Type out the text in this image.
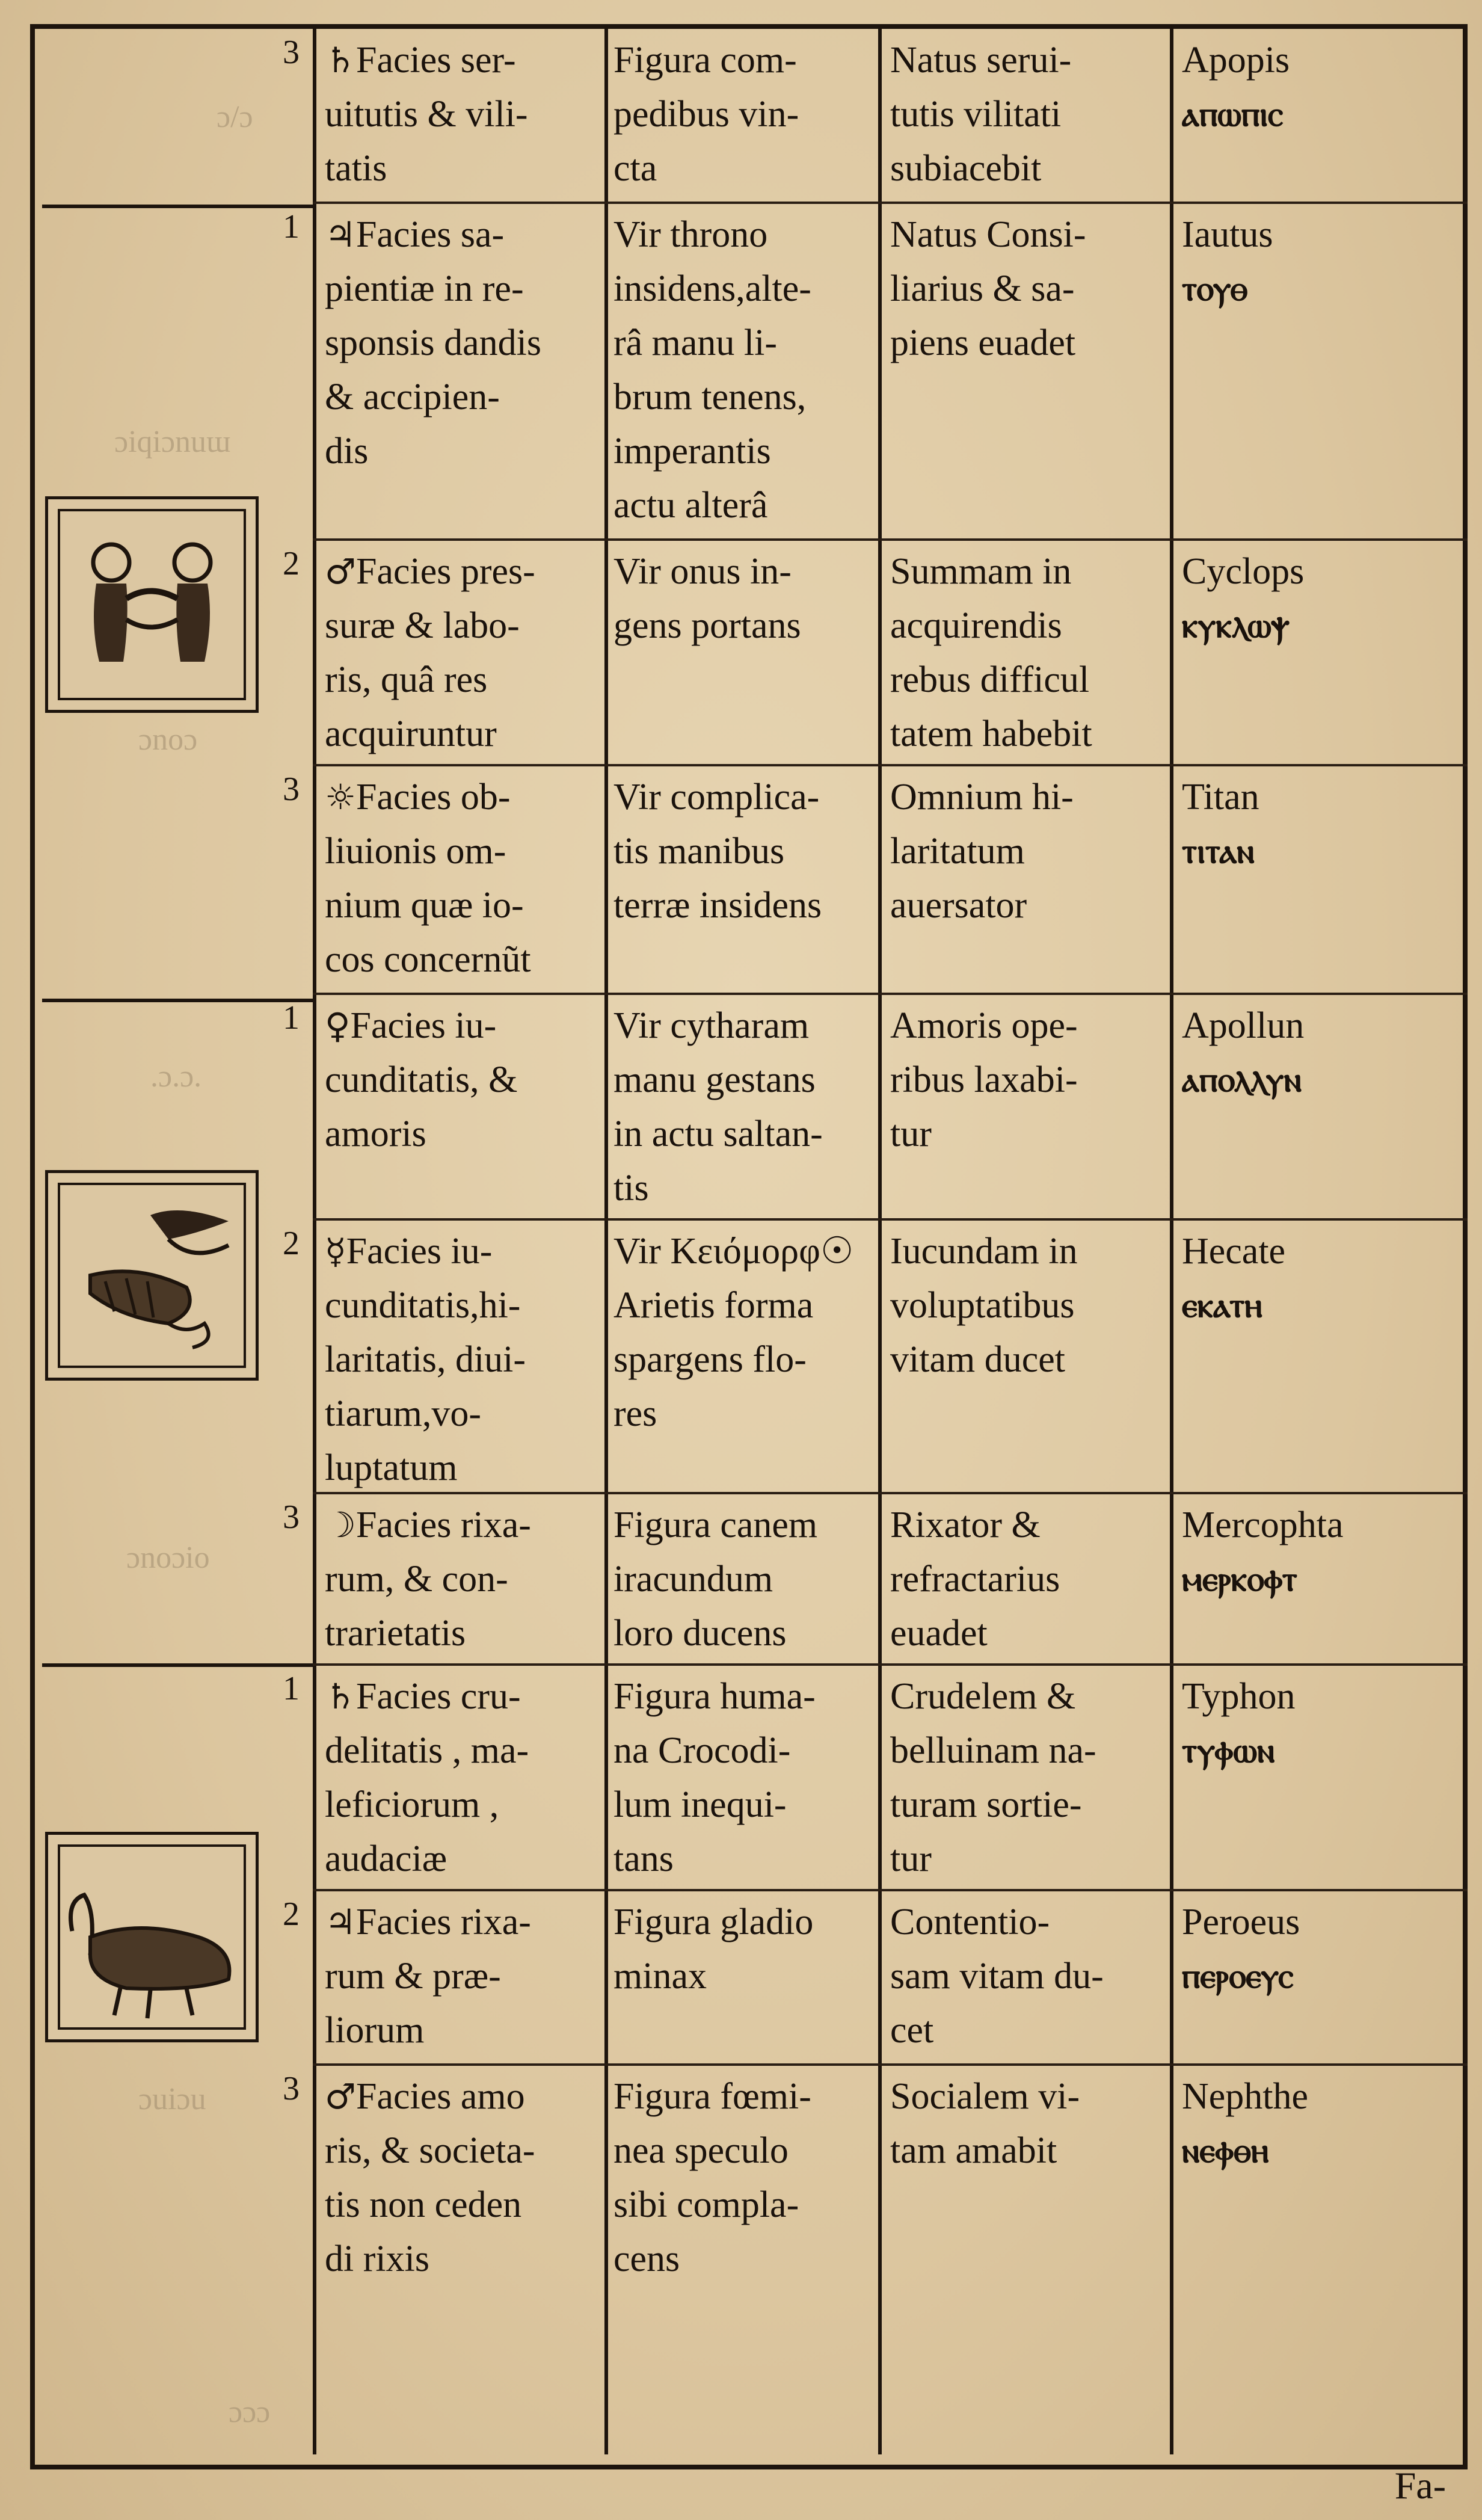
ɔ/ɔ
ɔiqiɔnuɯ
ɔnoɔ
.ɔ.ɔ.
ɔnoɔio
ɔuiɔu
ɔɔɔ
3 ♄Facies ser-
uitutis & vili-
tatis
Figura com-
pedibus vin-
cta
Natus serui-
tutis vilitati
subiacebit
Apopis
ⲁⲡⲱⲡⲓⲥ
1 ♃Facies sa-
pientiæ in re-
sponsis dandis
& accipien-
dis
Vir throno
insidens,alte-
râ manu li-
brum tenens,
imperantis
actu alterâ
Natus Consi-
liarius & sa-
piens euadet
Iautus
ⲧⲟⲩⲑ
2 ♂Facies pres-
suræ & labo-
ris, quâ res
acquiruntur
Vir onus in-
gens portans
Summam in
acquirendis
rebus difficul
tatem habebit
Cyclops
ⲕⲩⲕⲗⲱⲯ
3 ☼Facies ob-
liuionis om-
nium quæ io-
cos concernũt
Vir complica-
tis manibus
terræ insidens
Omnium hi-
laritatum
auersator
Titan
ⲧⲓⲧⲁⲛ
1 ♀Facies iu-
cunditatis, &
amoris
Vir cytharam
manu gestans
in actu saltan-
tis
Amoris ope-
ribus laxabi-
tur
Apollun
ⲁⲡⲟⲗⲗⲩⲛ
2 ☿Facies iu-
cunditatis,hi-
laritatis, diui-
tiarum,vo-
luptatum
Vir Κειόμορφ☉
Arietis forma
spargens flo-
res
Iucundam in
voluptatibus
vitam ducet
Hecate
ⲉⲕⲁⲧⲏ
3 ☽Facies rixa-
rum, & con-
trarietatis
Figura canem
iracundum
loro ducens
Rixator &
refractarius
euadet
Mercophta
ⲙⲉⲣⲕⲟⲫⲧ
1 ♄Facies cru-
delitatis , ma-
leficiorum ,
audaciæ
Figura huma-
na Crocodi-
lum inequi-
tans
Crudelem &
belluinam na-
turam sortie-
tur
Typhon
ⲧⲩⲫⲱⲛ
2 ♃Facies rixa-
rum & præ-
liorum
Figura gladio
minax
Contentio-
sam vitam du-
cet
Peroeus
ⲡⲉⲣⲟⲉⲩⲥ
3 ♂Facies amo
ris, & societa-
tis non ceden
di rixis
Figura fœmi-
nea speculo
sibi compla-
cens
Socialem vi-
tam amabit
Nephthe
ⲛⲉⲫⲑⲏ
Fa-
